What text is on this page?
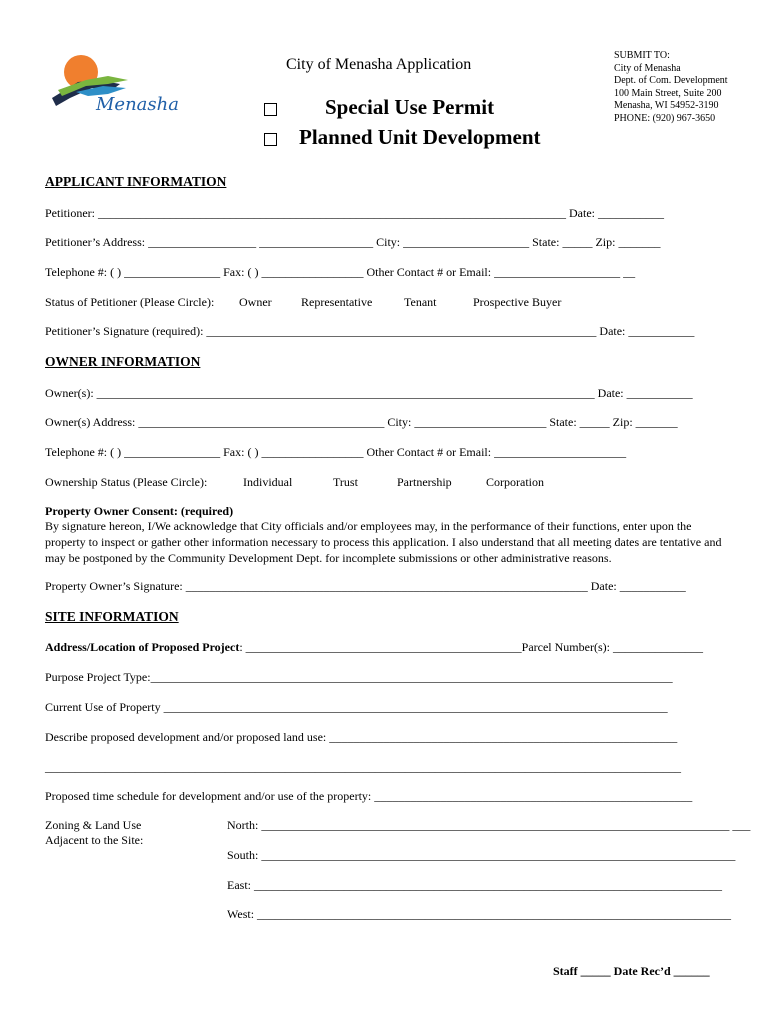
Menasha
City of Menasha Application
Special Use Permit
Planned Unit Development
SUBMIT TO:
City of Menasha
Dept. of Com. Development
100 Main Street, Suite 200
Menasha, WI 54952-3190
PHONE: (920) 967-3650
APPLICANT INFORMATION
Petitioner: ______________________________________________________________________________ Date: ___________
Petitioner’s Address: __________________ ___________________ City: _____________________ State: _____ Zip: _______
Telephone #: ( ) ________________ Fax: ( ) _________________ Other Contact # or Email: _____________________ __
Status of Petitioner (Please Circle): Owner Representative	Tenant	Prospective Buyer
Petitioner’s Signature (required): _________________________________________________________________ Date: ___________
OWNER INFORMATION
Owner(s): ___________________________________________________________________________________ Date: ___________
Owner(s) Address: _________________________________________ City: ______________________ State: _____ Zip: _______
Telephone #: ( ) ________________ Fax: ( ) _________________ Other Contact # or Email: ______________________
Ownership Status (Please Circle):	Individual	Trust	Partnership	Corporation
Property Owner Consent: (required)
By signature hereon, I/We acknowledge that City officials and/or employees may, in the performance of their functions, enter upon the property to inspect or gather other information necessary to process this application. I also understand that all meeting dates are tentative and may be postponed by the Community Development Dept. for incomplete submissions or other administrative reasons.
Property Owner’s Signature: ___________________________________________________________________ Date: ___________
SITE INFORMATION
Address/Location of Proposed Project: ______________________________________________Parcel Number(s): _______________
Purpose Project Type:_______________________________________________________________________________________
Current Use of Property ____________________________________________________________________________________
Describe proposed development and/or proposed land use: __________________________________________________________
__________________________________________________________________________________________________________
Proposed time schedule for development and/or use of the property: _____________________________________________________
Zoning & Land Use
Adjacent to the Site:
North: ______________________________________________________________________________ ___
South: _______________________________________________________________________________
East: ______________________________________________________________________________
West: _______________________________________________________________________________
Staff _____ Date Rec’d ______
